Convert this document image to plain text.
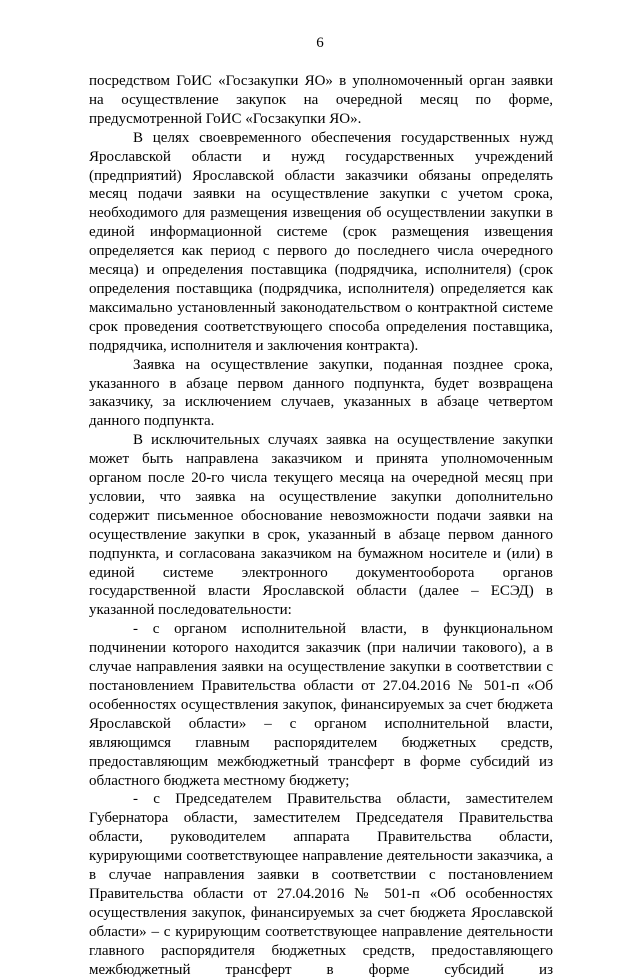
6

посредством ГоИС «Госзакупки ЯО» в уполномоченный орган заявки на осуществление закупок на очередной месяц по форме, предусмотренной ГоИС «Госзакупки ЯО».

В целях своевременного обеспечения государственных нужд Ярославской области и нужд государственных учреждений (предприятий) Ярославской области заказчики обязаны определять месяц подачи заявки на осуществление закупки с учетом срока, необходимого для размещения извещения об осуществлении закупки в единой информационной системе (срок размещения извещения определяется как период с первого до последнего числа очередного месяца) и определения поставщика (подрядчика, исполнителя) (срок определения поставщика (подрядчика, исполнителя) определяется как максимально установленный законодательством о контрактной системе срок проведения соответствующего способа определения поставщика, подрядчика, исполнителя и заключения контракта).

Заявка на осуществление закупки, поданная позднее срока, указанного в абзаце первом данного подпункта, будет возвращена заказчику, за исключением случаев, указанных в абзаце четвертом данного подпункта.

В исключительных случаях заявка на осуществление закупки может быть направлена заказчиком и принята уполномоченным органом после 20-го числа текущего месяца на очередной месяц при условии, что заявка на осуществление закупки дополнительно содержит письменное обоснование невозможности подачи заявки на осуществление закупки в срок, указанный в абзаце первом данного подпункта, и согласована заказчиком на бумажном носителе и (или) в единой системе электронного документооборота органов государственной власти Ярославской области (далее – ЕСЭД) в указанной последовательности:

- с органом исполнительной власти, в функциональном подчинении которого находится заказчик (при наличии такового), а в случае направления заявки на осуществление закупки в соответствии с постановлением Правительства области от 27.04.2016 № 501-п «Об особенностях осуществления закупок, финансируемых за счет бюджета Ярославской области» – с органом исполнительной власти, являющимся главным распорядителем бюджетных средств, предоставляющим межбюджетный трансферт в форме субсидий из областного бюджета местному бюджету;

- с Председателем Правительства области, заместителем Губернатора области, заместителем Председателя Правительства области, руководителем аппарата Правительства области, курирующими соответствующее направление деятельности заказчика, а в случае направления заявки в соответствии с постановлением Правительства области от 27.04.2016 № 501-п «Об особенностях осуществления закупок, финансируемых за счет бюджета Ярославской области» – с курирующим соответствующее направление деятельности главного распорядителя бюджетных средств, предоставляющего межбюджетный трансферт в форме субсидий из
